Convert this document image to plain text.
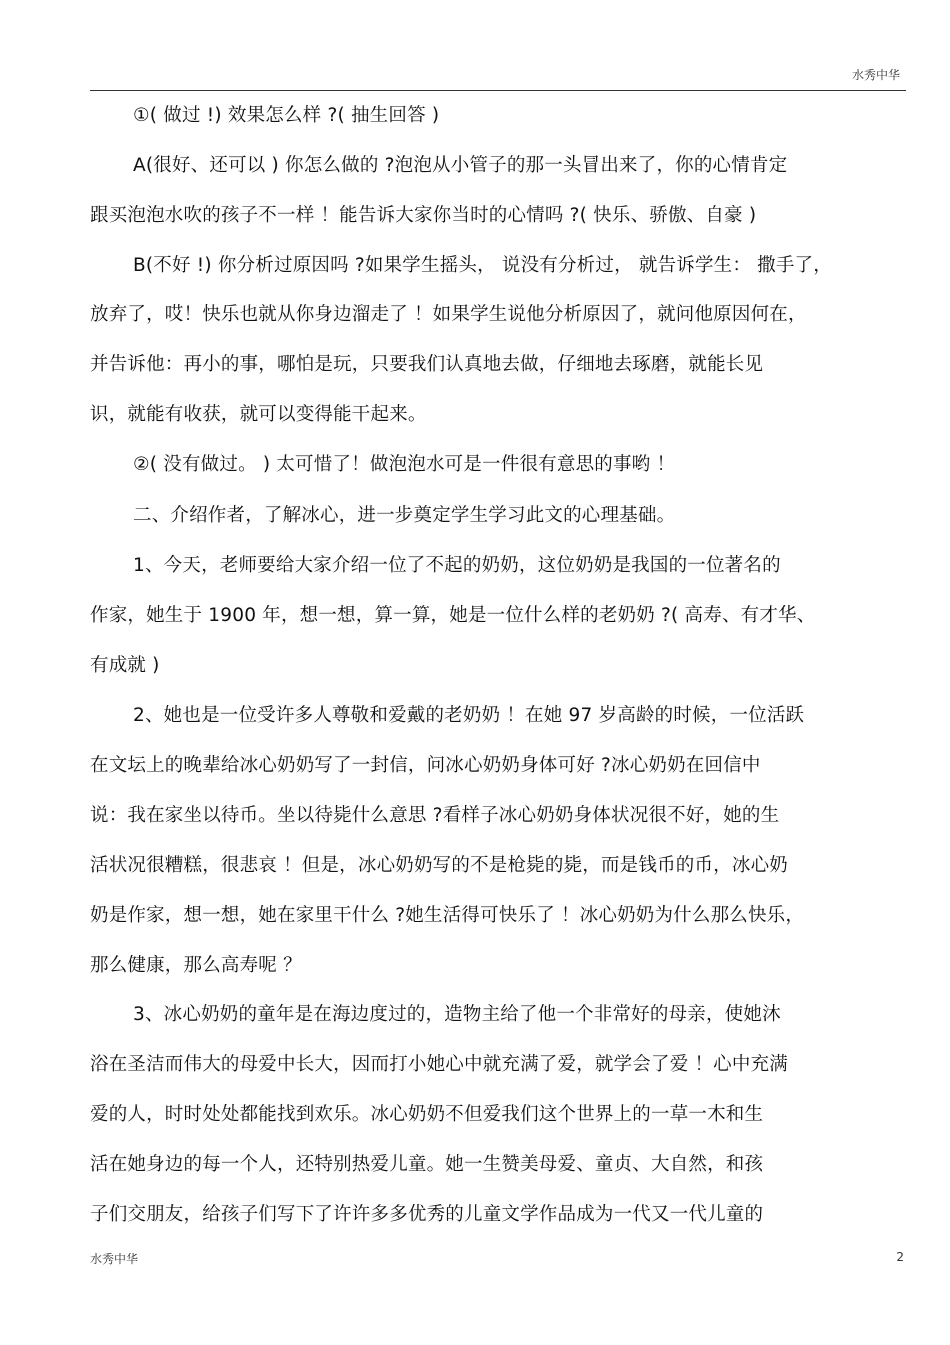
水秀中华
①( 做过 !) 效果怎么样 ?( 抽生回答 )
A(很好、还可以 ) 你怎么做的 ?泡泡从小管子的那一头冒出来了，你的心情肯定
跟买泡泡水吹的孩子不一样 ！能告诉大家你当时的心情吗 ?( 快乐、骄傲、自豪 )
B(不好 !) 你分析过原因吗 ?如果学生摇头， 说没有分析过， 就告诉学生： 撒手了，
放弃了，哎！快乐也就从你身边溜走了 ！如果学生说他分析原因了，就问他原因何在，
并告诉他：再小的事，哪怕是玩，只要我们认真地去做，仔细地去琢磨，就能长见
识，就能有收获，就可以变得能干起来。
②( 没有做过。 ) 太可惜了！做泡泡水可是一件很有意思的事哟 ！
二、介绍作者，了解冰心，进一步奠定学生学习此文的心理基础。
1、今天，老师要给大家介绍一位了不起的奶奶，这位奶奶是我国的一位著名的
作家，她生于 1900 年，想一想，算一算，她是一位什么样的老奶奶 ?( 高寿、有才华、
有成就 )
2、她也是一位受许多人尊敬和爱戴的老奶奶 ！在她 97 岁高龄的时候，一位活跃
在文坛上的晚辈给冰心奶奶写了一封信，问冰心奶奶身体可好 ?冰心奶奶在回信中
说：我在家坐以待币。坐以待毙什么意思 ?看样子冰心奶奶身体状况很不好，她的生
活状况很糟糕，很悲哀 ！但是，冰心奶奶写的不是枪毙的毙，而是钱币的币，冰心奶
奶是作家，想一想，她在家里干什么 ?她生活得可快乐了 ！冰心奶奶为什么那么快乐，
那么健康，那么高寿呢 ？
3、冰心奶奶的童年是在海边度过的，造物主给了他一个非常好的母亲，使她沐
浴在圣洁而伟大的母爱中长大，因而打小她心中就充满了爱，就学会了爱 ！心中充满
爱的人，时时处处都能找到欢乐。冰心奶奶不但爱我们这个世界上的一草一木和生
活在她身边的每一个人，还特别热爱儿童。她一生赞美母爱、童贞、大自然，和孩
子们交朋友，给孩子们写下了许许多多优秀的儿童文学作品成为一代又一代儿童的
水秀中华	2
